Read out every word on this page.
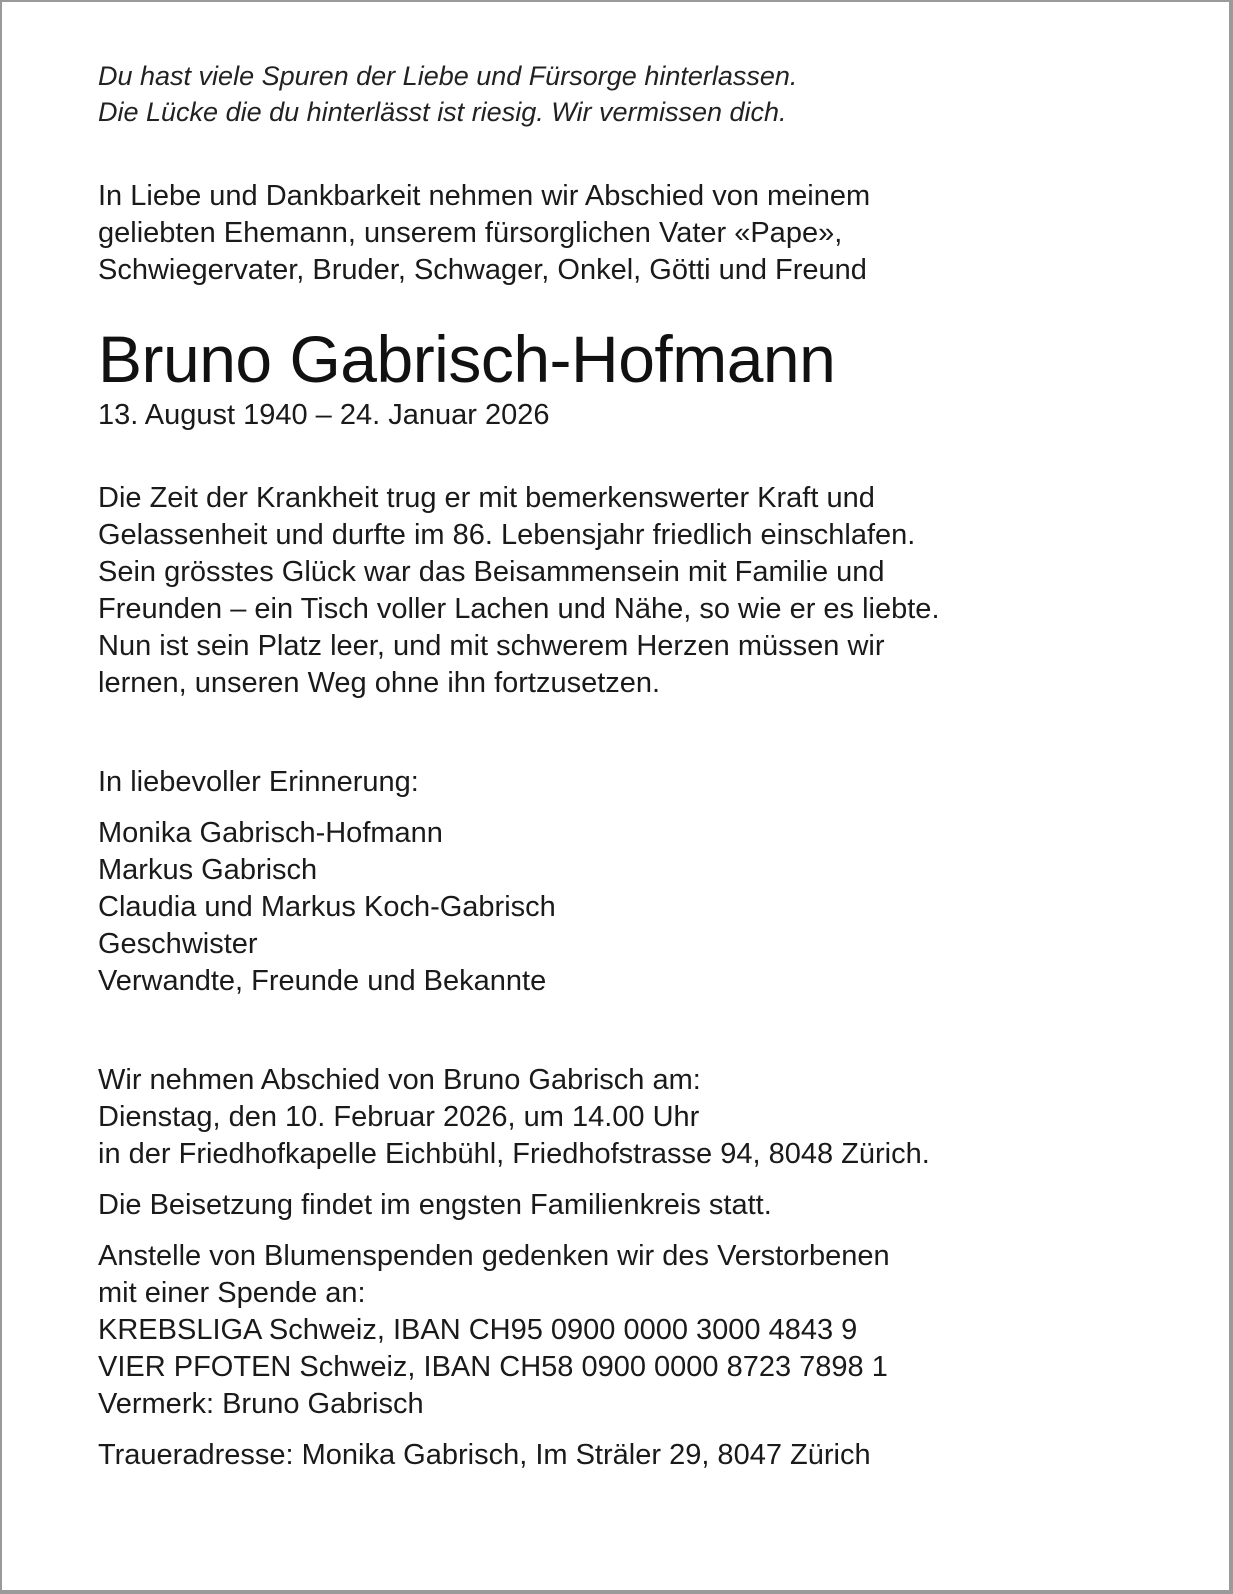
Du hast viele Spuren der Liebe und Fürsorge hinterlassen.
Die Lücke die du hinterlässt ist riesig. Wir vermissen dich.
In Liebe und Dankbarkeit nehmen wir Abschied von meinem
geliebten Ehemann, unserem fürsorglichen Vater «Pape»,
Schwiegervater, Bruder, Schwager, Onkel, Götti und Freund
Bruno Gabrisch-Hofmann
13. August 1940 – 24. Januar 2026
Die Zeit der Krankheit trug er mit bemerkenswerter Kraft und
Gelassenheit und durfte im 86. Lebensjahr friedlich einschlafen.
Sein grösstes Glück war das Beisammensein mit Familie und
Freunden – ein Tisch voller Lachen und Nähe, so wie er es liebte.
Nun ist sein Platz leer, und mit schwerem Herzen müssen wir
lernen, unseren Weg ohne ihn fortzusetzen.
In liebevoller Erinnerung:
Monika Gabrisch-Hofmann
Markus Gabrisch
Claudia und Markus Koch-Gabrisch
Geschwister
Verwandte, Freunde und Bekannte
Wir nehmen Abschied von Bruno Gabrisch am:
Dienstag, den 10. Februar 2026, um 14.00 Uhr
in der Friedhofkapelle Eichbühl, Friedhofstrasse 94, 8048 Zürich.
Die Beisetzung findet im engsten Familienkreis statt.
Anstelle von Blumenspenden gedenken wir des Verstorbenen
mit einer Spende an:
KREBSLIGA Schweiz, IBAN CH95 0900 0000 3000 4843 9
VIER PFOTEN Schweiz, IBAN CH58 0900 0000 8723 7898 1
Vermerk: Bruno Gabrisch
Traueradresse: Monika Gabrisch, Im Sträler 29, 8047 Zürich
